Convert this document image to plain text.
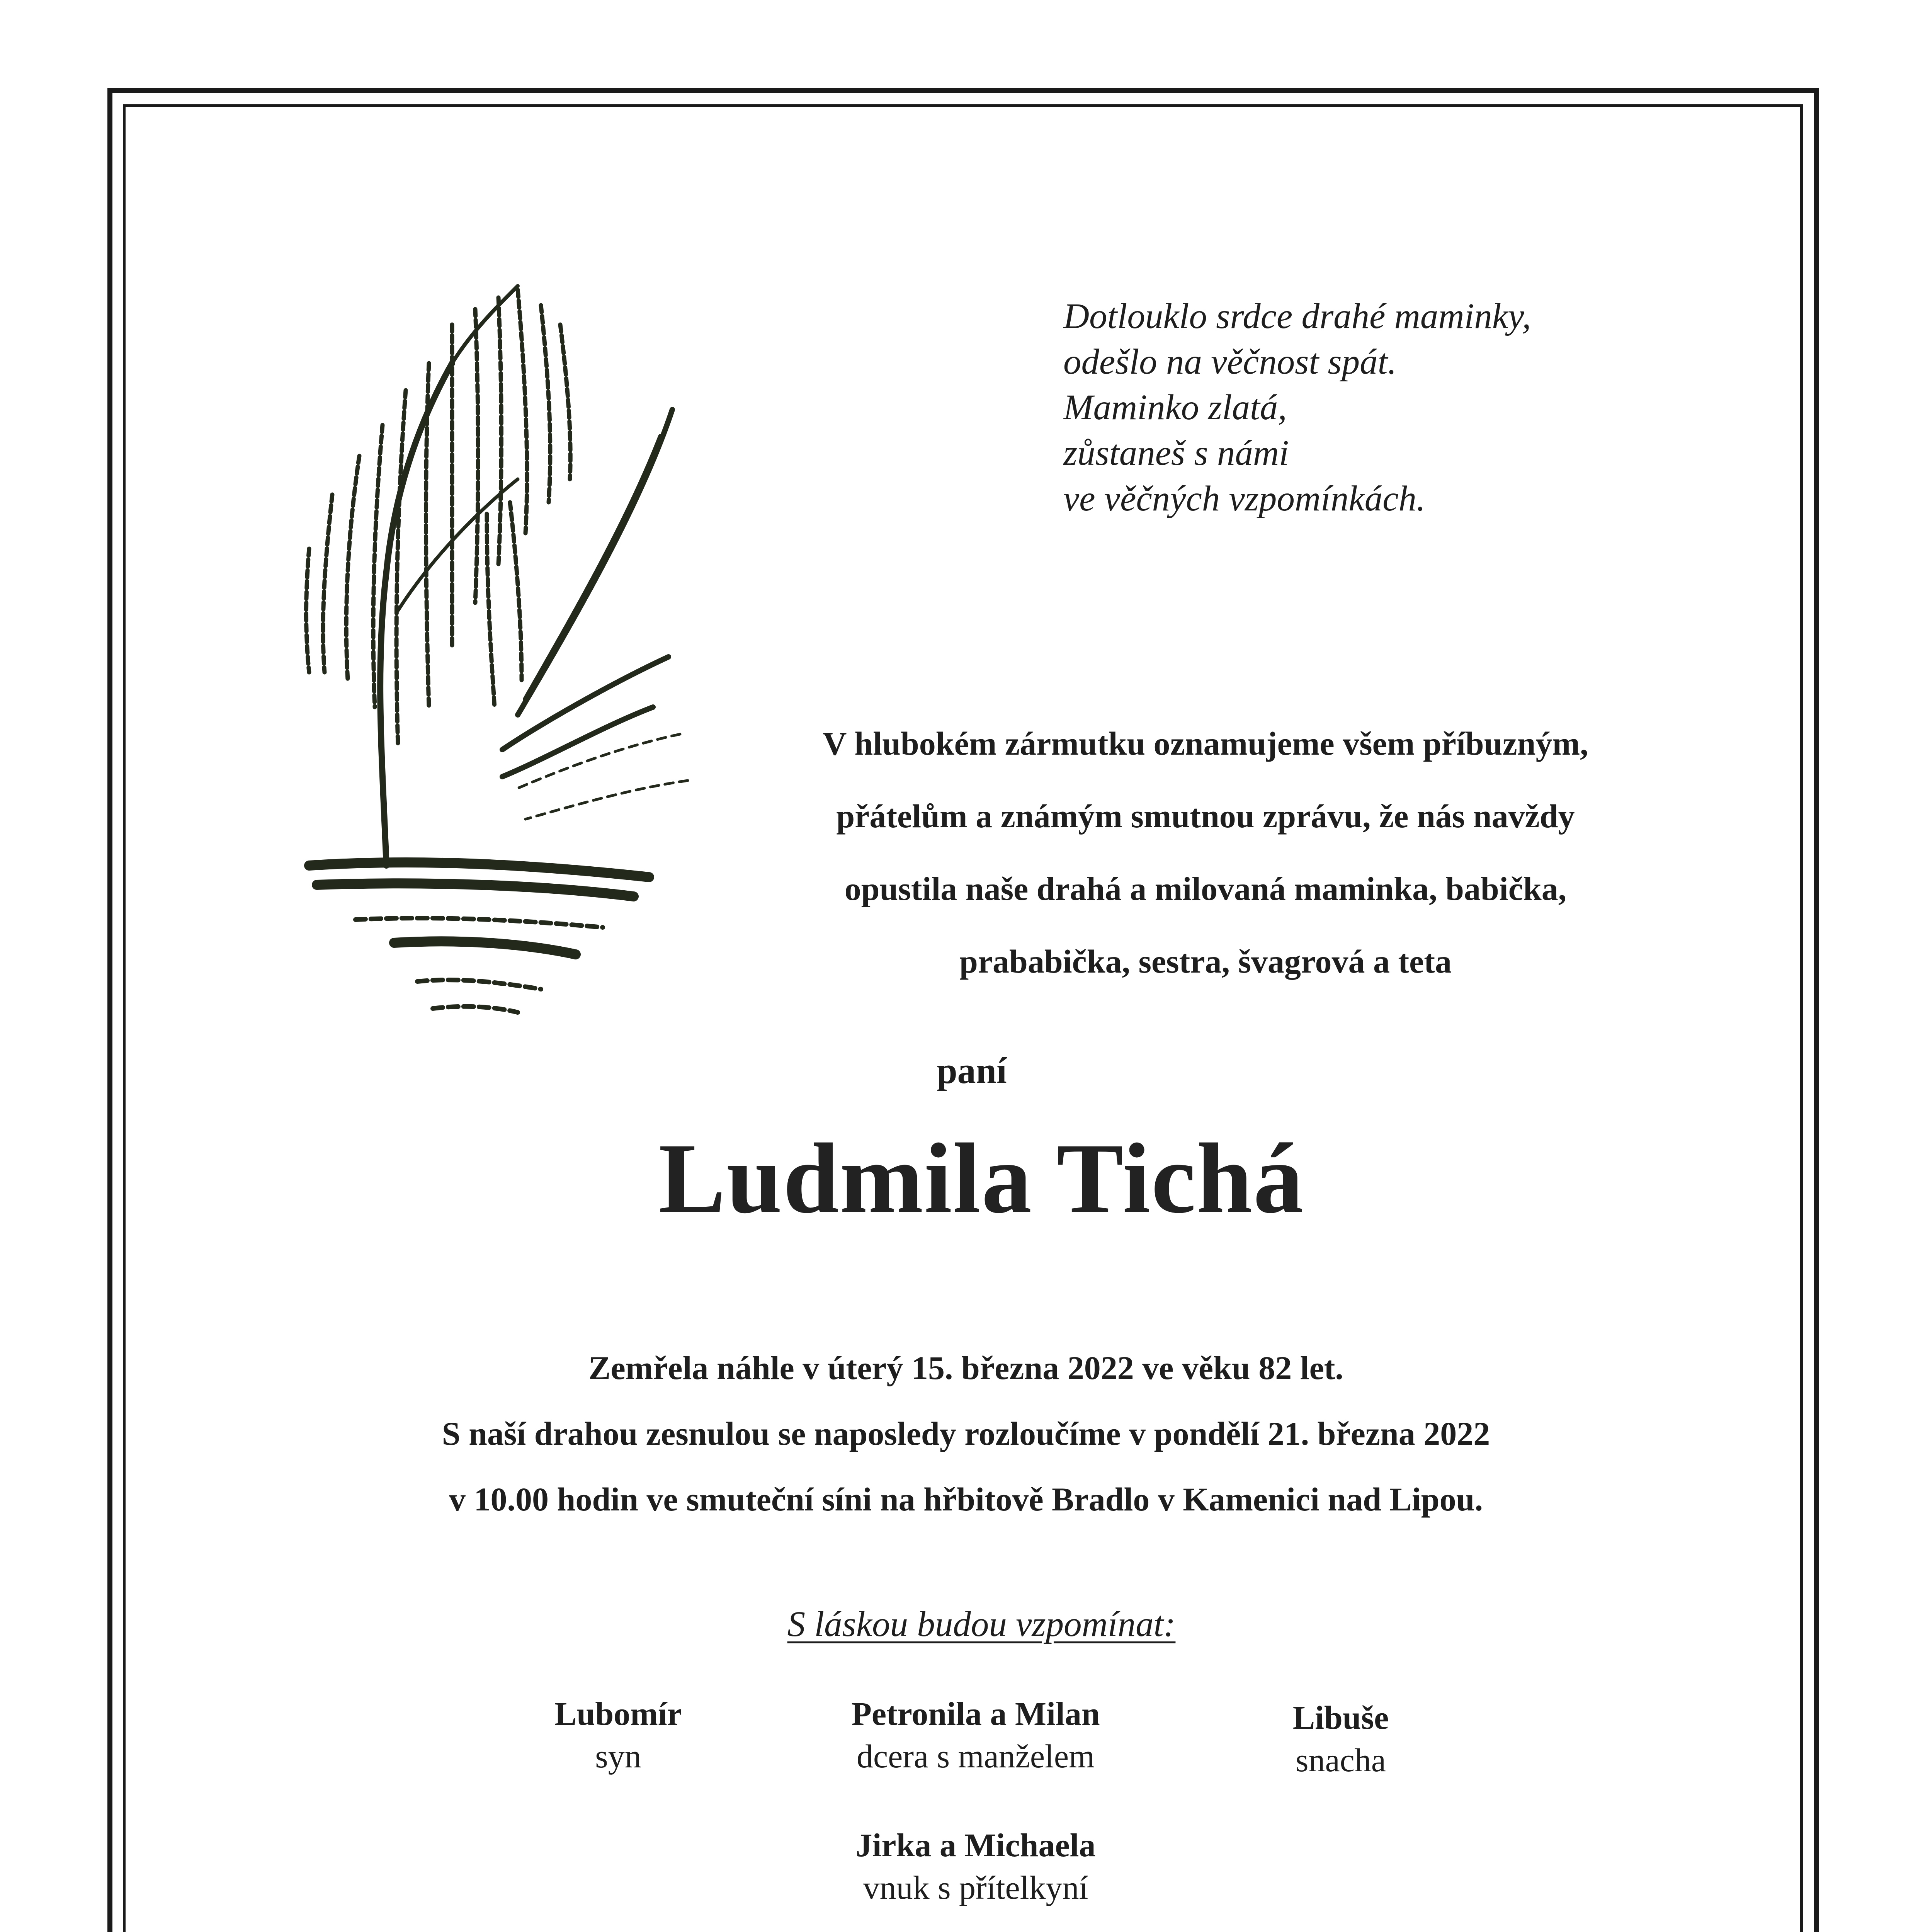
Dotlouklo srdce drahé maminky,
odešlo na věčnost spát.
Maminko zlatá,
zůstaneš s námi
ve věčných vzpomínkách.
V hlubokém zármutku oznamujeme všem příbuzným,
přátelům a známým smutnou zprávu, že nás navždy
opustila naše drahá a milovaná maminka, babička,
prababička, sestra, švagrová a teta
paní
Ludmila Tichá
Zemřela náhle v úterý 15. března 2022 ve věku 82 let.
S naší drahou zesnulou se naposledy rozloučíme v pondělí 21. března 2022
v 10.00 hodin ve smuteční síni na hřbitově Bradlo v Kamenici nad Lipou.
S láskou budou vzpomínat:
Lubomír
syn
Petronila a Milan
dcera s manželem
Libuše
snacha
Jirka a Michaela
vnuk s přítelkyní
